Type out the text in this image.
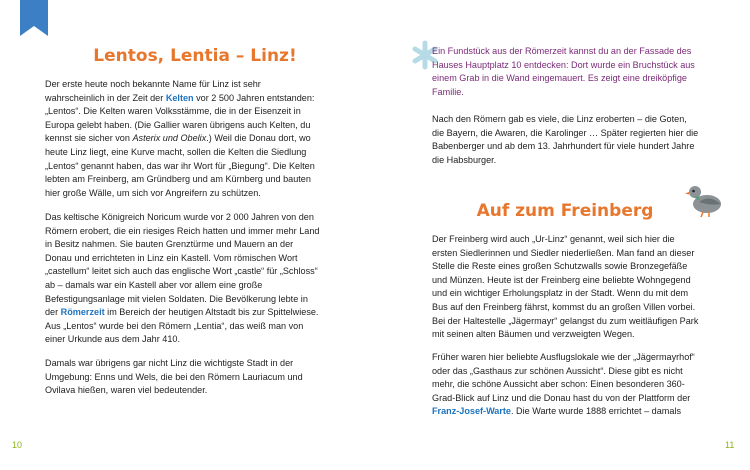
Lentos, Lentia – Linz!

Der erste heute noch bekannte Name für Linz ist sehr wahrscheinlich in der Zeit der Kelten vor 2 500 Jahren entstanden: „Lentos“. Die Kelten waren Volksstämme, die in der Eisenzeit in Europa gelebt haben. (Die Gallier waren übrigens auch Kelten, du kennst sie sicher von Asterix und Obelix.) Weil die Donau dort, wo heute Linz liegt, eine Kurve macht, sollen die Kelten die Siedlung „Lentos“ genannt haben, das war ihr Wort für „Biegung“. Die Kelten lebten am Freinberg, am Gründberg und am Kürnberg und bauten hier große Wälle, um sich vor Angreifern zu schützen.

Das keltische Königreich Noricum wurde vor 2 000 Jahren von den Römern erobert, die ein riesiges Reich hatten und immer mehr Land in Besitz nahmen. Sie bauten Grenztürme und Mauern an der Donau und errichteten in Linz ein Kastell. Vom römischen Wort „castellum“ leitet sich auch das englische Wort „castle“ für „Schloss“ ab – damals war ein Kastell aber vor allem eine große Befestigungsanlage mit vielen Soldaten. Die Bevölkerung lebte in der Römerzeit im Bereich der heutigen Altstadt bis zur Spittelwiese. Aus „Lentos“ wurde bei den Römern „Lentia“, das weiß man von einer Urkunde aus dem Jahr 410.

Damals war übrigens gar nicht Linz die wichtigste Stadt in der Umgebung: Enns und Wels, die bei den Römern Lauriacum und Ovilava hießen, waren viel bedeutender.

10

Ein Fundstück aus der Römerzeit kannst du an der Fassade des Hauses Hauptplatz 10 entdecken: Dort wurde ein Bruchstück aus einem Grab in die Wand eingemauert. Es zeigt eine dreiköpfige Familie.

Nach den Römern gab es viele, die Linz eroberten – die Goten, die Bayern, die Awaren, die Karolinger … Später regierten hier die Babenberger und ab dem 13. Jahrhundert für viele hundert Jahre die Habsburger.

Auf zum Freinberg

Der Freinberg wird auch „Ur-Linz“ genannt, weil sich hier die ersten Siedlerinnen und Siedler niederließen. Man fand an dieser Stelle die Reste eines großen Schutzwalls sowie Bronzegefäße und Münzen. Heute ist der Freinberg eine beliebte Wohngegend und ein wichtiger Erholungsplatz in der Stadt. Wenn du mit dem Bus auf den Freinberg fährst, kommst du an großen Villen vorbei. Bei der Haltestelle „Jägermayr“ gelangst du zum weitläufigen Park mit seinen alten Bäumen und verzweigten Wegen.

Früher waren hier beliebte Ausflugslokale wie der „Jägermayrhof“ oder das „Gasthaus zur schönen Aussicht“. Diese gibt es nicht mehr, die schöne Aussicht aber schon: Einen besonderen 360-Grad-Blick auf Linz und die Donau hast du von der Plattform der Franz-Josef-Warte. Die Warte wurde 1888 errichtet – damals

11
